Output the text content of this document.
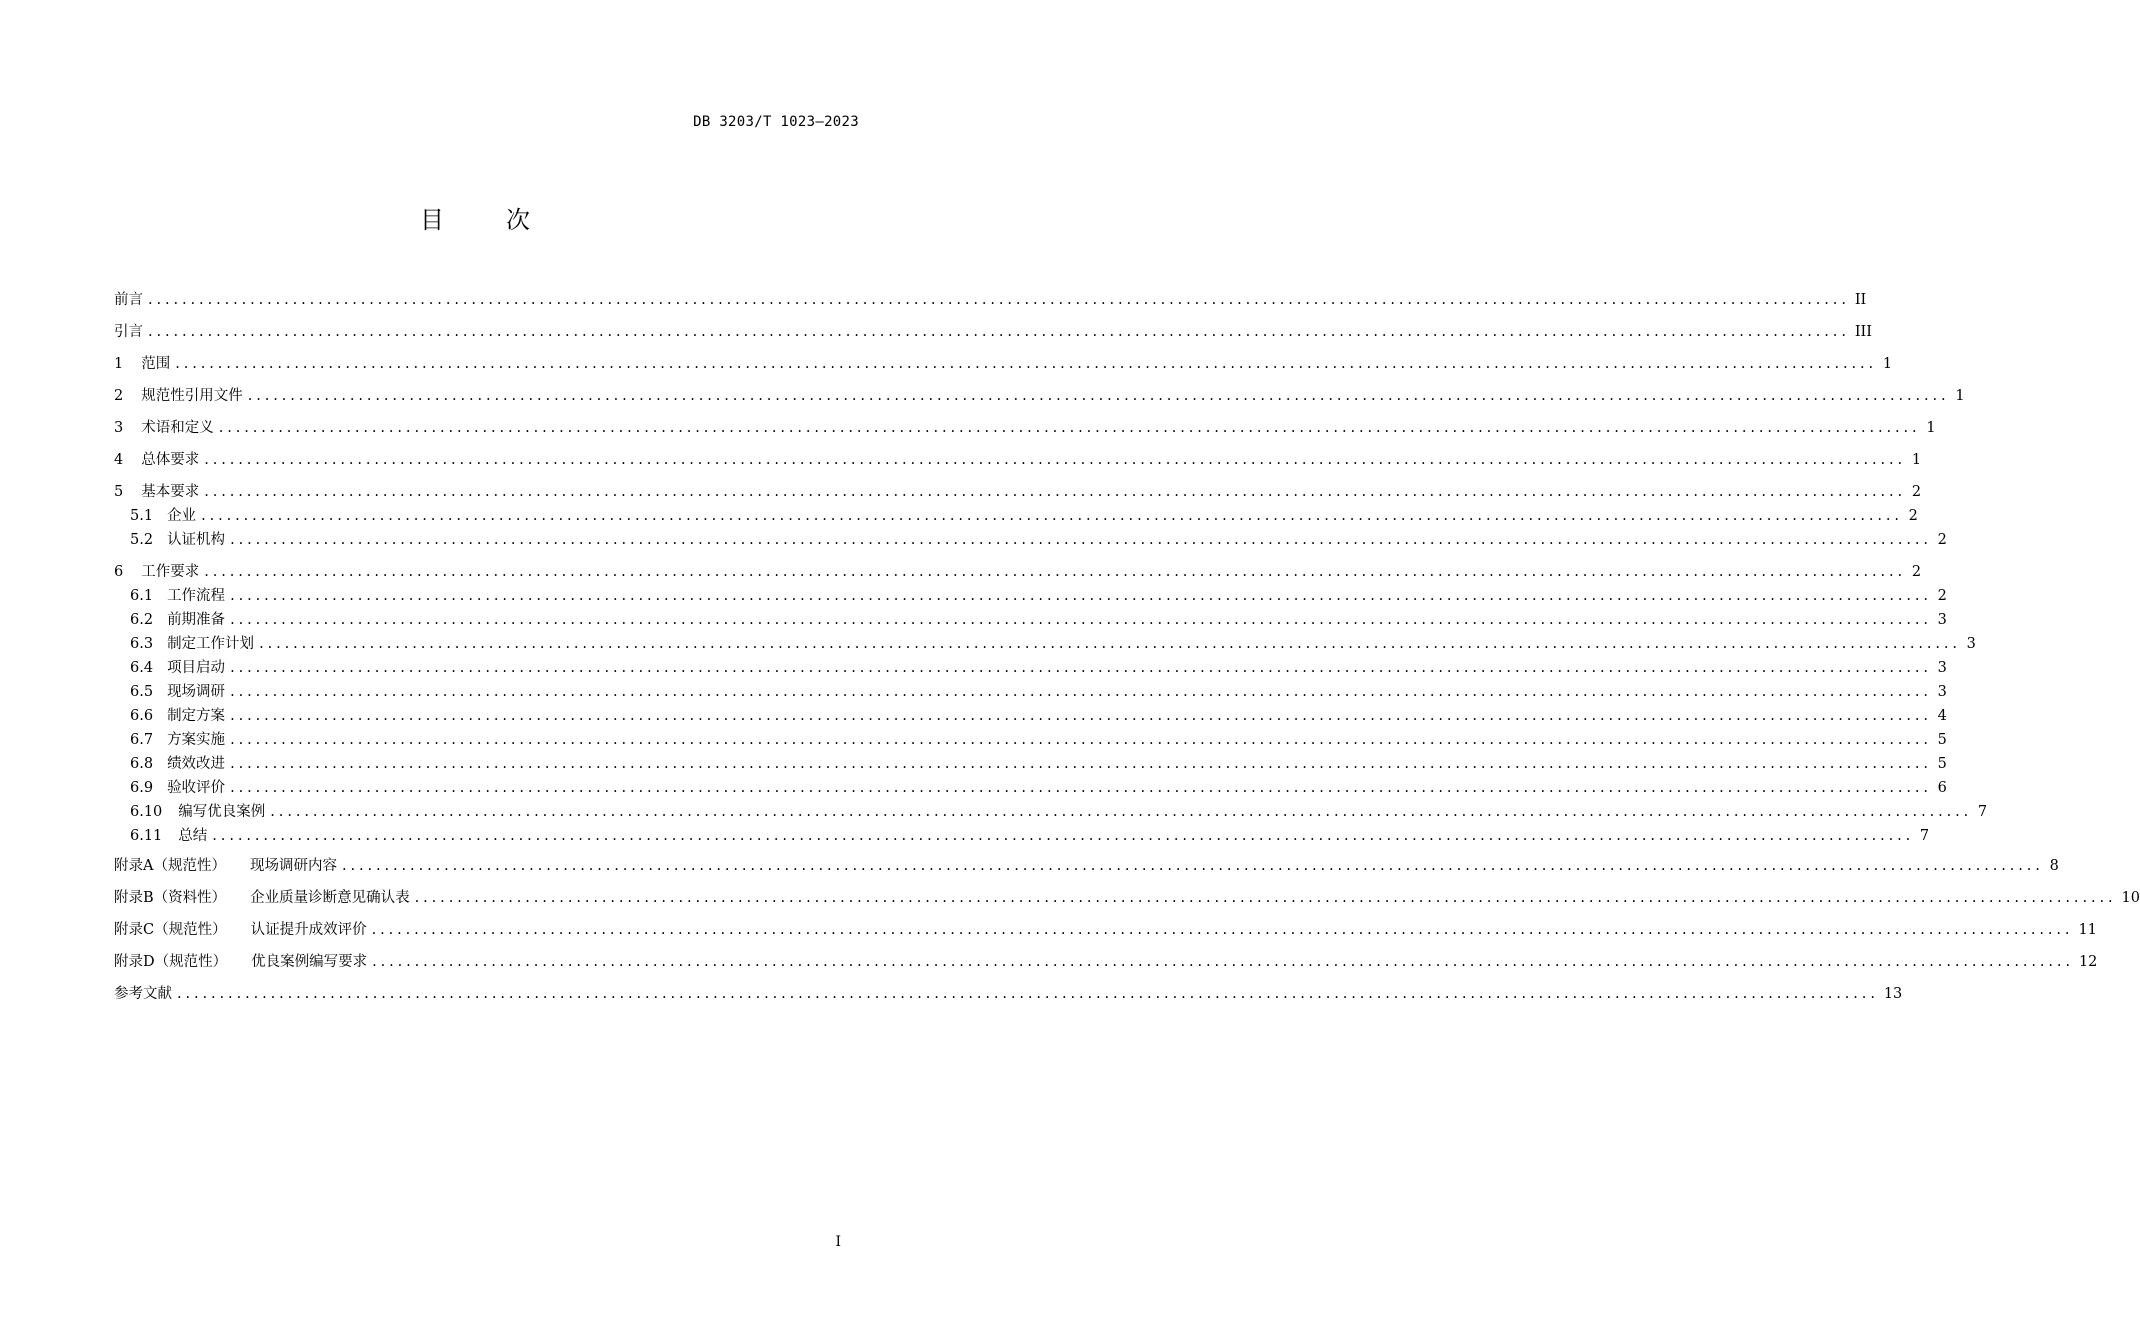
DB 3203/T 1023—2023
目次
前言 ........................................................................................................................................................................................................ II
引言 ........................................................................................................................................................................................................ III
1 范围 ........................................................................................................................................................................................................ 1
2 规范性引用文件 ........................................................................................................................................................................................................ 1
3 术语和定义 ........................................................................................................................................................................................................ 1
4 总体要求 ........................................................................................................................................................................................................ 1
5 基本要求 ........................................................................................................................................................................................................ 2
5.1 企业 ........................................................................................................................................................................................................ 2
5.2 认证机构 ........................................................................................................................................................................................................ 2
6 工作要求 ........................................................................................................................................................................................................ 2
6.1 工作流程 ........................................................................................................................................................................................................ 2
6.2 前期准备 ........................................................................................................................................................................................................ 3
6.3 制定工作计划 ........................................................................................................................................................................................................ 3
6.4 项目启动 ........................................................................................................................................................................................................ 3
6.5 现场调研 ........................................................................................................................................................................................................ 3
6.6 制定方案 ........................................................................................................................................................................................................ 4
6.7 方案实施 ........................................................................................................................................................................................................ 5
6.8 绩效改进 ........................................................................................................................................................................................................ 5
6.9 验收评价 ........................................................................................................................................................................................................ 6
6.10 编写优良案例 ........................................................................................................................................................................................................ 7
6.11 总结 ........................................................................................................................................................................................................ 7
附录A（规范性） 现场调研内容 ........................................................................................................................................................................................................ 8
附录B（资料性） 企业质量诊断意见确认表 ........................................................................................................................................................................................................ 10
附录C（规范性） 认证提升成效评价 ........................................................................................................................................................................................................ 11
附录D（规范性） 优良案例编写要求 ........................................................................................................................................................................................................ 12
参考文献 ........................................................................................................................................................................................................ 13
I
